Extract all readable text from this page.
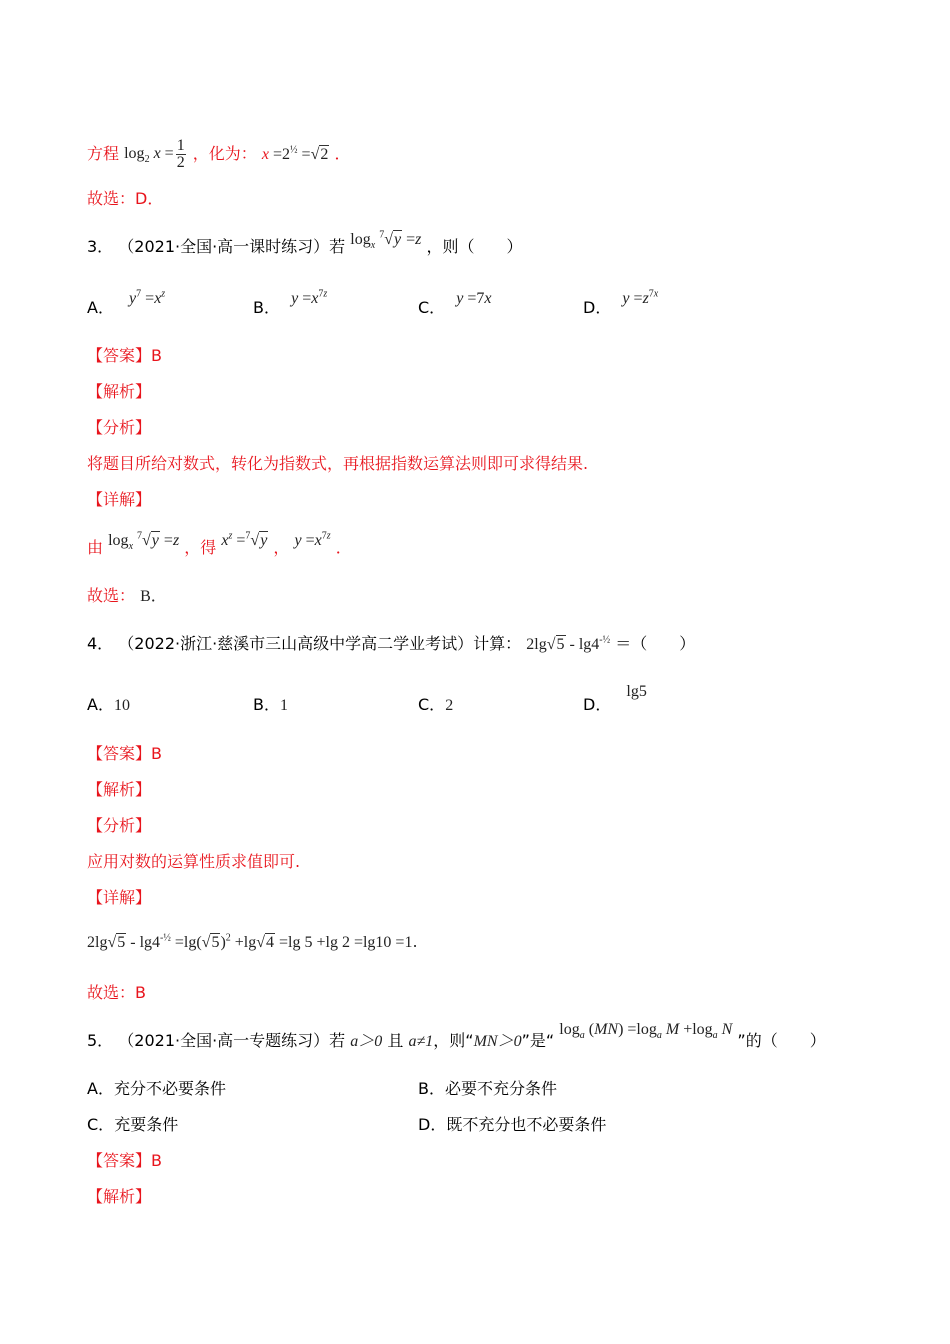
方程 $\log_2 x = \frac{1}{2}$ ，化为： $x =2^{\frac{1}{2}} =√2$ ．
故选：D．
3． （2021·全国·高一课时练习）若 $\log_x ^7√y =z$ ，则（　　）
A． $y^7 =x^z$
B． $y =x^{7z}$
C． y =7x	D． $y =z^{7x}$
【答案】B
【解析】
【分析】
将题目所给对数式，转化为指数式，再根据指数运算法则即可求得结果.
【详解】
由 $\log_x ^7√y =z$ ，得 $x^z =^7√y$ ， $y =x^{7z}$ ．
故选： B．
4． （2022·浙江·慈溪市三山高级中学高二学业考试）计算： $2\lg√5 - \lg 4^{-\frac{1}{2}}$ ＝（　　）
A．10	B．1	C．2	D． lg5
【答案】B
【解析】
【分析】
应用对数的运算性质求值即可.
【详解】
$2\lg√5 - \lg 4^{-\frac{1}{2}} =\lg(√5)^2 +\lg√4 =\lg$ 5 +lg 2 =lg10 =1.
故选：B
5． （2021·全国·高一专题练习）若 a＞0 且 a≠1，则“MN＞0”是“ $\log_a (MN) =\log_a$ $M +\log_a$ N ”的（　　）
A．充分不必要条件	B．必要不充分条件
C．充要条件	D．既不充分也不必要条件
【答案】B
【解析】
